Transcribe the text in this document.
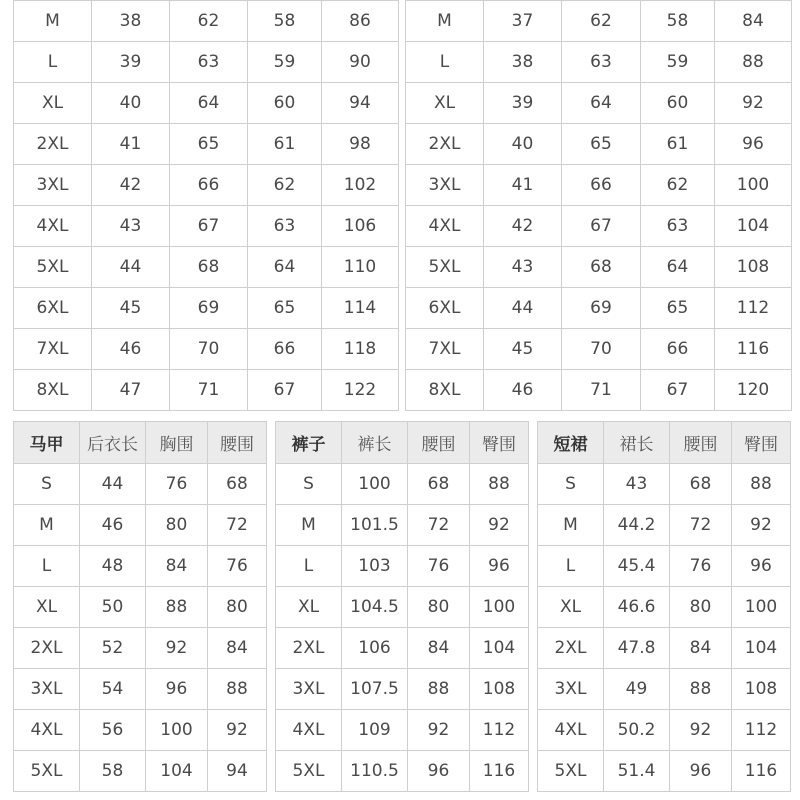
M	38	62	58	86
L	39	63	59	90
XL	40	64	60	94
2XL	41	65	61	98
3XL	42	66	62	102
4XL	43	67	63	106
5XL	44	68	64	110
6XL	45	69	65	114
7XL	46	70	66	118
8XL	47	71	67	122
M	37	62	58	84
L	38	63	59	88
XL	39	64	60	92
2XL	40	65	61	96
3XL	41	66	62	100
4XL	42	67	63	104
5XL	43	68	64	108
6XL	44	69	65	112
7XL	45	70	66	116
8XL	46	71	67	120
马甲	后衣长	胸围	腰围
S	44	76	68
M	46	80	72
L	48	84	76
XL	50	88	80
2XL	52	92	84
3XL	54	96	88
4XL	56	100	92
5XL	58	104	94
裤子	裤长	腰围	臀围
S	100	68	88
M	101.5	72	92
L	103	76	96
XL	104.5	80	100
2XL	106	84	104
3XL	107.5	88	108
4XL	109	92	112
5XL	110.5	96	116
短裙	裙长	腰围	臀围
S	43	68	88
M	44.2	72	92
L	45.4	76	96
XL	46.6	80	100
2XL	47.8	84	104
3XL	49	88	108
4XL	50.2	92	112
5XL	51.4	96	116
